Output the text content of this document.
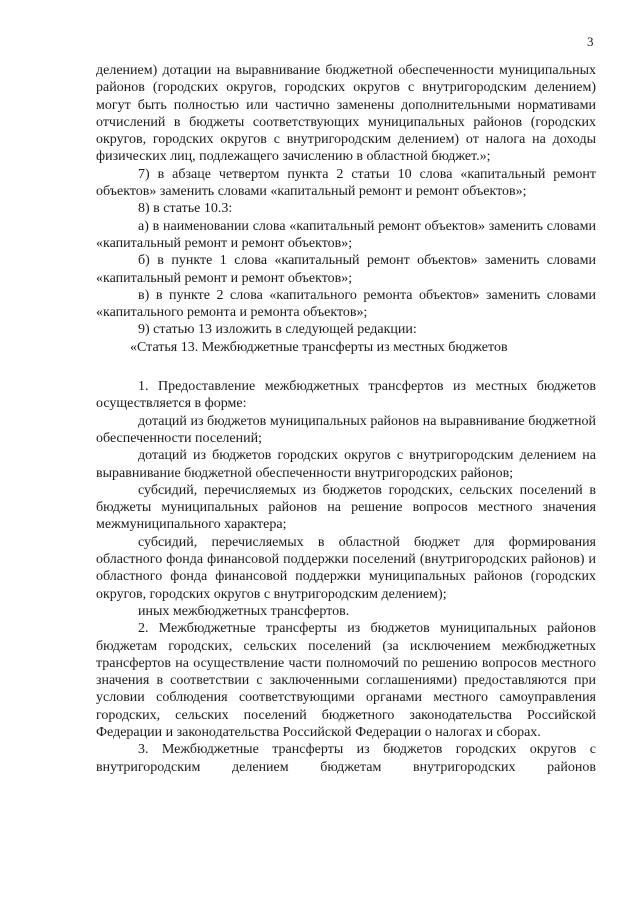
3

делением) дотации на выравнивание бюджетной обеспеченности муниципальных районов (городских округов, городских округов с внутригородским делением) могут быть полностью или частично заменены дополнительными нормативами отчислений в бюджеты соответствующих муниципальных районов (городских округов, городских округов с внутригородским делением) от налога на доходы физических лиц, подлежащего зачислению в областной бюджет.»;

7) в абзаце четвертом пункта 2 статьи 10 слова «капитальный ремонт объектов» заменить словами «капитальный ремонт и ремонт объектов»;

8) в статье 10.3:

а) в наименовании слова «капитальный ремонт объектов» заменить словами «капитальный ремонт и ремонт объектов»;

б) в пункте 1 слова «капитальный ремонт объектов» заменить словами «капитальный ремонт и ремонт объектов»;

в) в пункте 2 слова «капитального ремонта объектов» заменить словами «капитального ремонта и ремонта объектов»;

9) статью 13 изложить в следующей редакции:

«Статья 13. Межбюджетные трансферты из местных бюджетов

1. Предоставление межбюджетных трансфертов из местных бюджетов осуществляется в форме:

дотаций из бюджетов муниципальных районов на выравнивание бюджетной обеспеченности поселений;

дотаций из бюджетов городских округов с внутригородским делением на выравнивание бюджетной обеспеченности внутригородских районов;

субсидий, перечисляемых из бюджетов городских, сельских поселений в бюджеты муниципальных районов на решение вопросов местного значения межмуниципального характера;

субсидий, перечисляемых в областной бюджет для формирования областного фонда финансовой поддержки поселений (внутригородских районов) и областного фонда финансовой поддержки муниципальных районов (городских округов, городских округов с внутригородским делением);

иных межбюджетных трансфертов.

2. Межбюджетные трансферты из бюджетов муниципальных районов бюджетам городских, сельских поселений (за исключением межбюджетных трансфертов на осуществление части полномочий по решению вопросов местного значения в соответствии с заключенными соглашениями) предоставляются при условии соблюдения соответствующими органами местного самоуправления городских, сельских поселений бюджетного законодательства Российской Федерации и законодательства Российской Федерации о налогах и сборах.

3. Межбюджетные трансферты из бюджетов городских округов с внутригородским делением бюджетам внутригородских районов
